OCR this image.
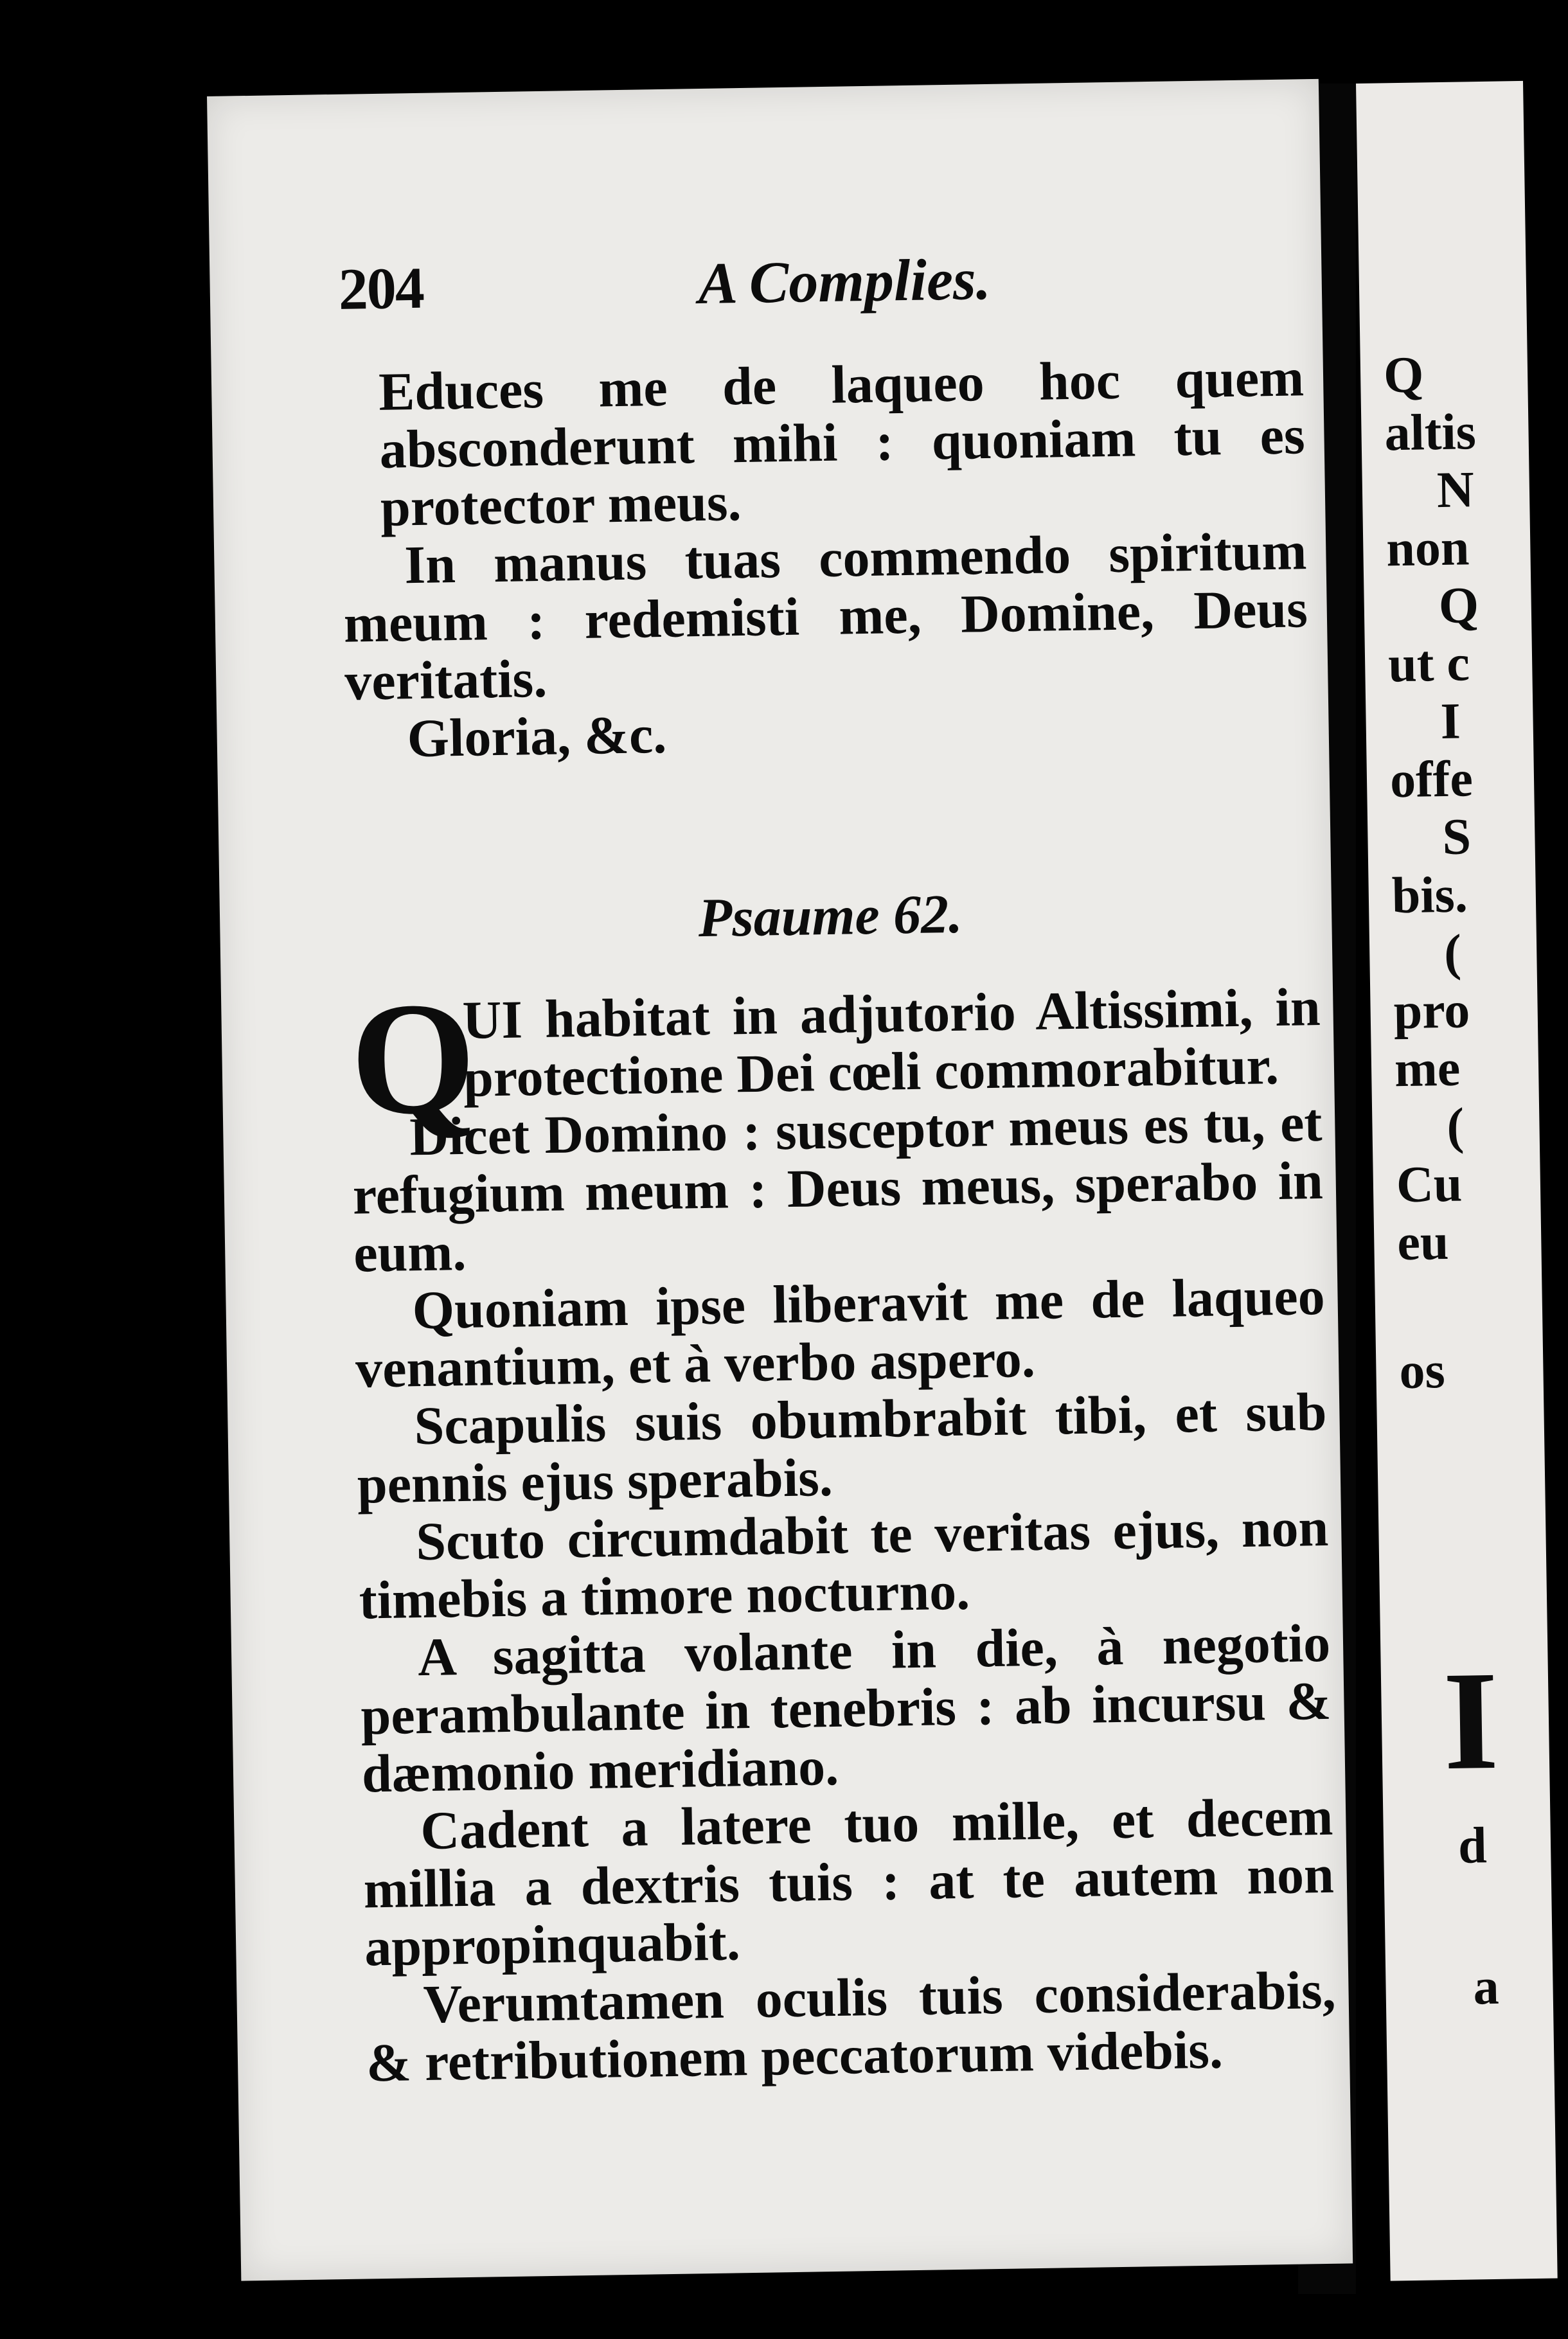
Q
altis
N
non
Q
ut c
I
offe
S
bis.
(
pro
me
(
Cu
eu
os
I
d
a
204	A Complies.

Educes me de laqueo hoc quem absconderunt mihi : quoniam tu es protector meus.

In manus tuas commendo spiritum meum : redemisti me, Domine, Deus veritatis.

Gloria, &c.

Psaume 62.
Q
UI habitat in adjutorio Altissimi, in protectione Dei cœli commorabitur.

Dicet Domino : susceptor meus es tu, et refugium meum : Deus meus, sperabo in eum.

Quoniam ipse liberavit me de laqueo venantium, et à verbo aspero.

Scapulis suis obumbrabit tibi, et sub pennis ejus sperabis.

Scuto circumdabit te veritas ejus, non timebis a timore nocturno.

A sagitta volante in die, à negotio perambulante in tenebris : ab incursu & dæmonio meridiano.

Cadent a latere tuo mille, et decem millia a dextris tuis : at te autem non appropinquabit.

Verumtamen oculis tuis considerabis, & retributionem peccatorum videbis.
